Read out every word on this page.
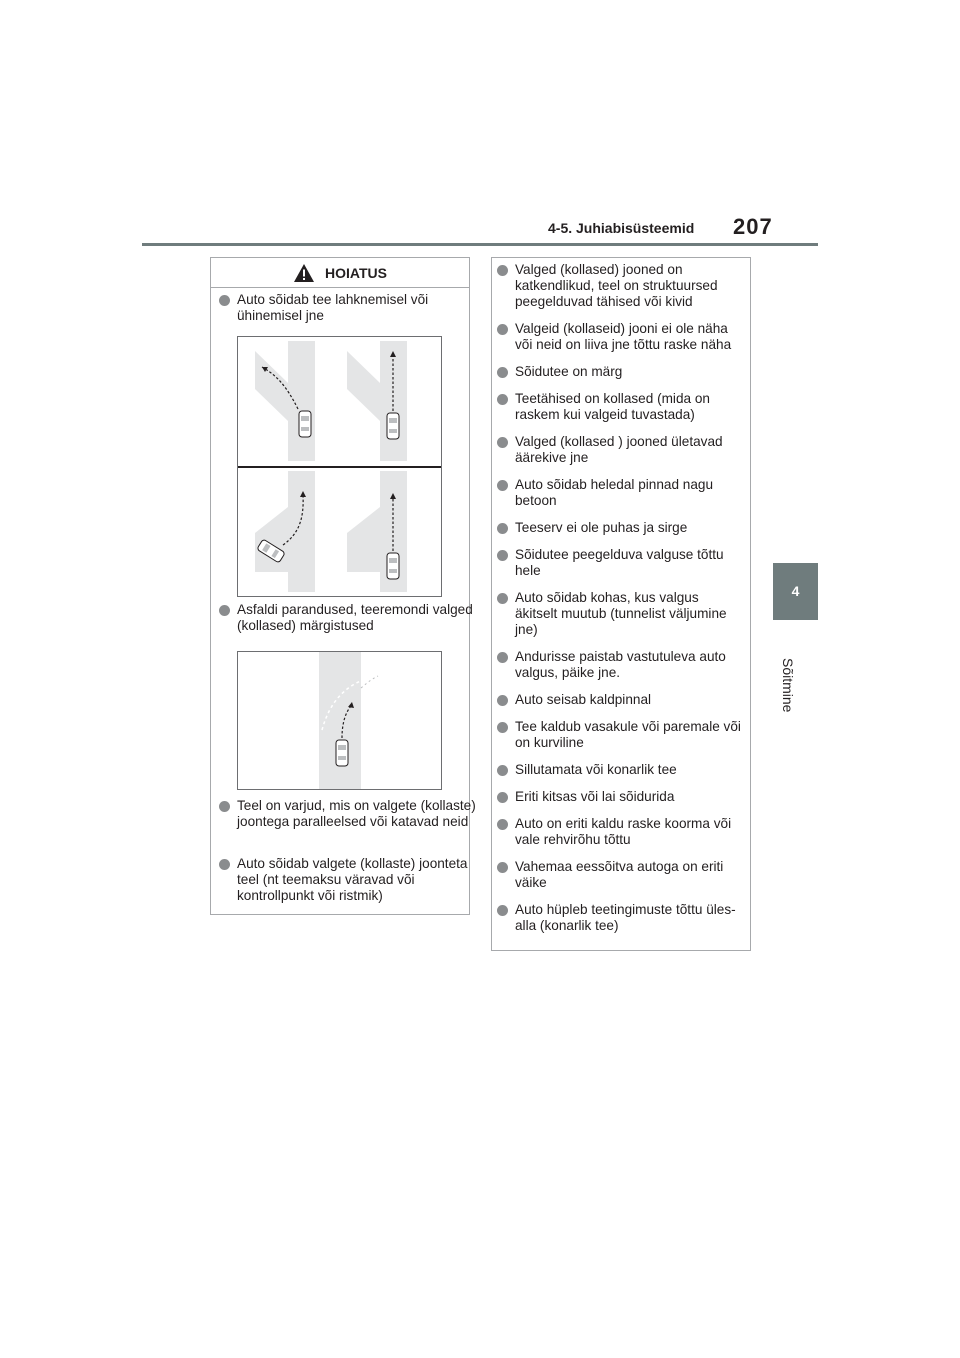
4-5. Juhiabisüsteemid 207
4
Sõitmine
HOIATUS
Auto sõidab tee lahknemisel või ühinemisel jne
Asfaldi parandused, teeremondi valged (kollased) märgistused
Teel on varjud, mis on valgete (kollaste) joontega paralleelsed või katavad neid
Auto sõidab valgete (kollaste) joonteta teel (nt teemaksu väravad või kontrollpunkt või ristmik)
Valged (kollased) jooned on katkendlikud, teel on struktuursed peegelduvad tähised või kivid
Valgeid (kollaseid) jooni ei ole näha või neid on liiva jne tõttu raske näha
Sõidutee on märg
Teetähised on kollased (mida on raskem kui valgeid tuvastada)
Valged (kollased ) jooned ületavad äärekive jne
Auto sõidab heledal pinnad nagu betoon
Teeserv ei ole puhas ja sirge
Sõidutee peegelduva valguse tõttu hele
Auto sõidab kohas, kus valgus äkitselt muutub (tunnelist väljumine jne)
Andurisse paistab vastutuleva auto valgus, päike jne.
Auto seisab kaldpinnal
Tee kaldub vasakule või paremale või on kurviline
Sillutamata või konarlik tee
Eriti kitsas või lai sõidurida
Auto on eriti kaldu raske koorma või vale rehvirõhu tõttu
Vahemaa eessõitva autoga on eriti väike
Auto hüpleb teetingimuste tõttu üles-alla (konarlik tee)
